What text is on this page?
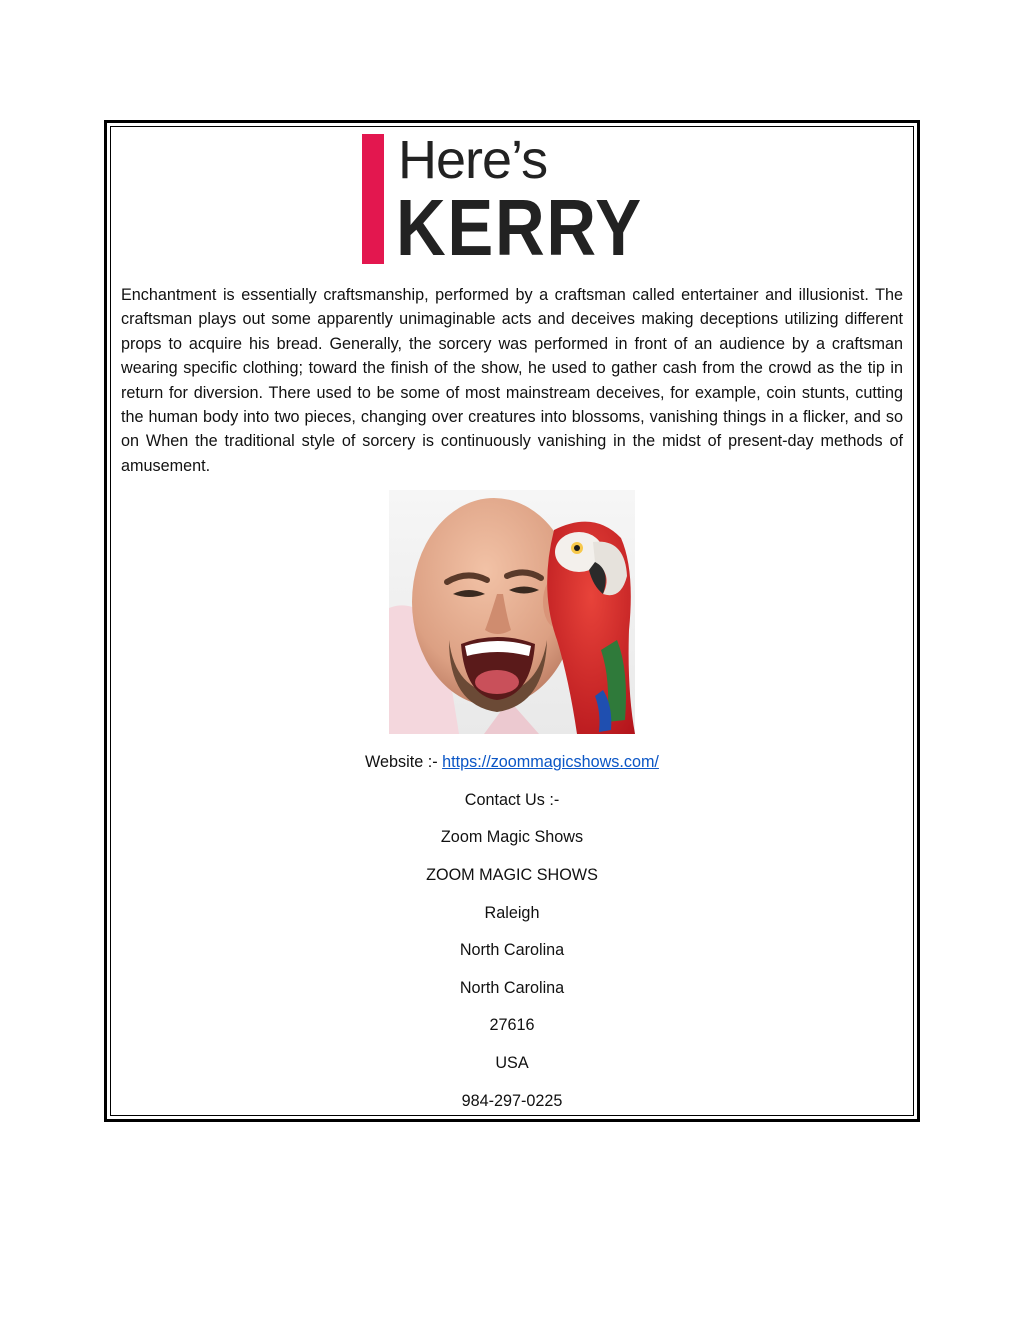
Here’s
KERRY

Enchantment is essentially craftsmanship, performed by a craftsman called entertainer and illusionist. The craftsman plays out some apparently unimaginable acts and deceives making deceptions utilizing different props to acquire his bread. Generally, the sorcery was performed in front of an audience by a craftsman wearing specific clothing; toward the finish of the show, he used to gather cash from the crowd as the tip in return for diversion. There used to be some of most mainstream deceives, for example, coin stunts, cutting the human body into two pieces, changing over creatures into blossoms, vanishing things in a flicker, and so on When the traditional style of sorcery is continuously vanishing in the midst of present-day methods of amusement.

Website :- https://zoommagicshows.com/

Contact Us :-

Zoom Magic Shows

ZOOM MAGIC SHOWS

Raleigh

North Carolina

North Carolina

27616

USA

984-297-0225
